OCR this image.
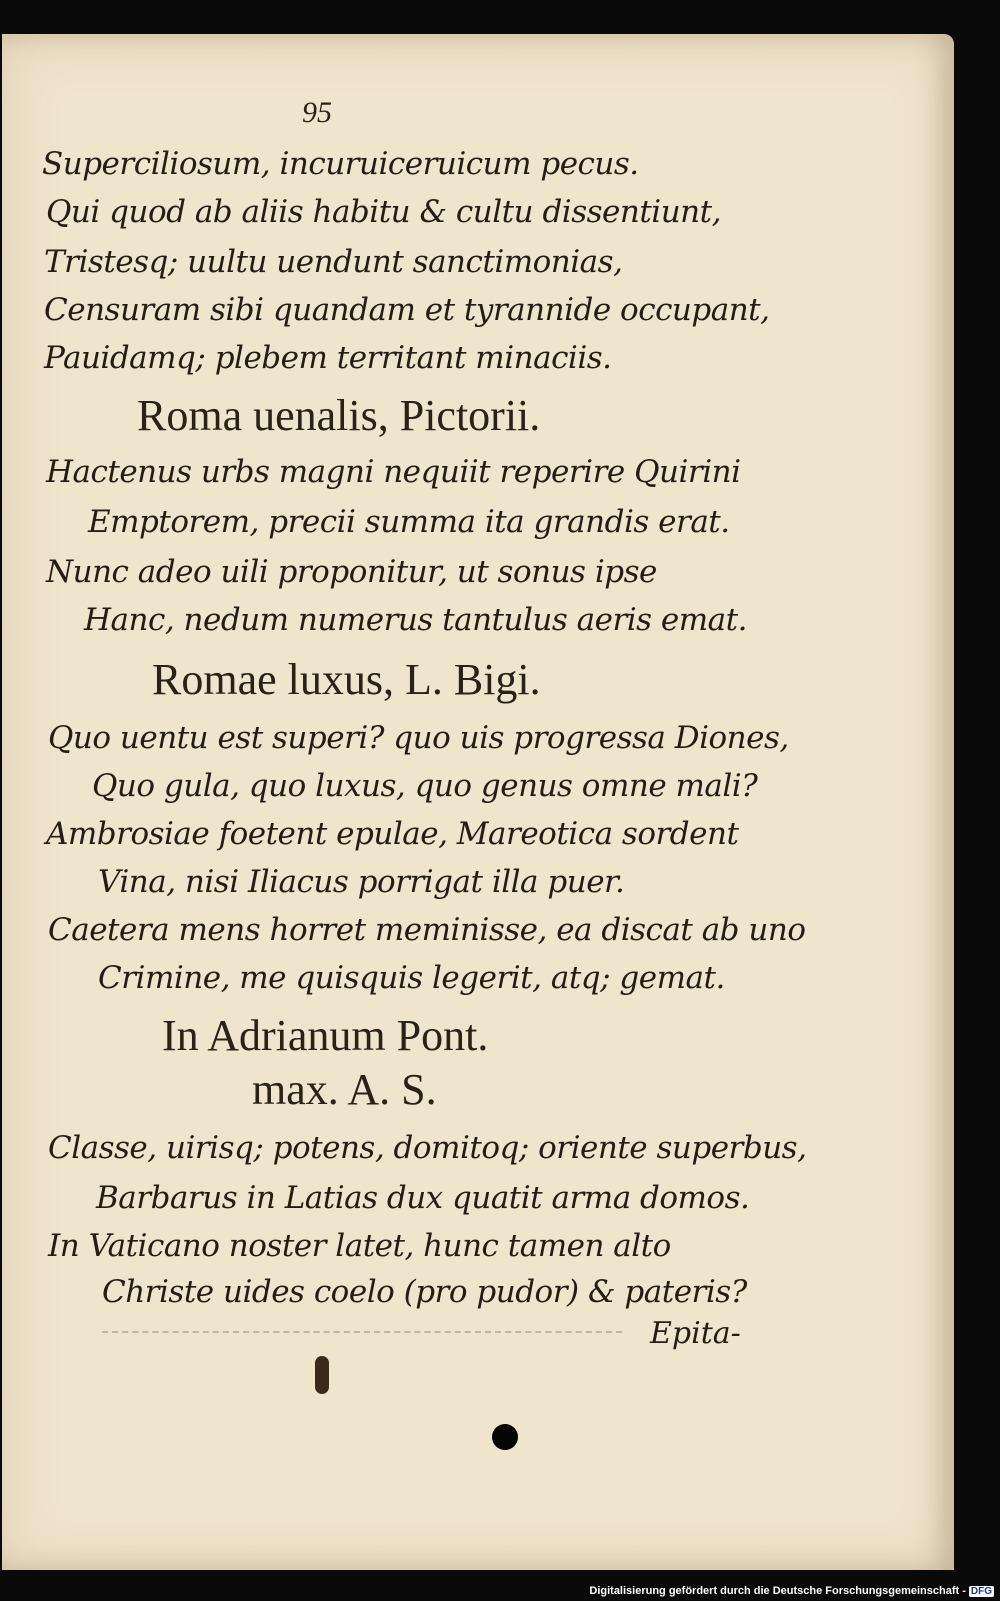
95
Superciliosum, incuruiceruicum pecus.
Qui quod ab aliis habitu & cultu dissentiunt,
Tristesq; uultu uendunt sanctimonias,
Censuram sibi quandam et tyrannide occupant,
Pauidamq; plebem territant minaciis.
Roma uenalis, Pictorii.
Hactenus urbs magni nequiit reperire Quirini
Emptorem, precii summa ita grandis erat.
Nunc adeo uili proponitur, ut sonus ipse
Hanc, nedum numerus tantulus aeris emat.
Romae luxus, L. Bigi.
Quo uentu est superi? quo uis progressa Diones,
Quo gula, quo luxus, quo genus omne mali?
Ambrosiae foetent epulae, Mareotica sordent
Vina, nisi Iliacus porrigat illa puer.
Caetera mens horret meminisse, ea discat ab uno
Crimine, me quisquis legerit, atq; gemat.
In Adrianum Pont.
max. A. S.
Classe, uirisq; potens, domitoq; oriente superbus,
Barbarus in Latias dux quatit arma domos.
In Vaticano noster latet, hunc tamen alto
Christe uides coelo (pro pudor) & pateris?
Epita-
Digitalisierung gefördert durch die Deutsche Forschungsgemeinschaft - DFG
